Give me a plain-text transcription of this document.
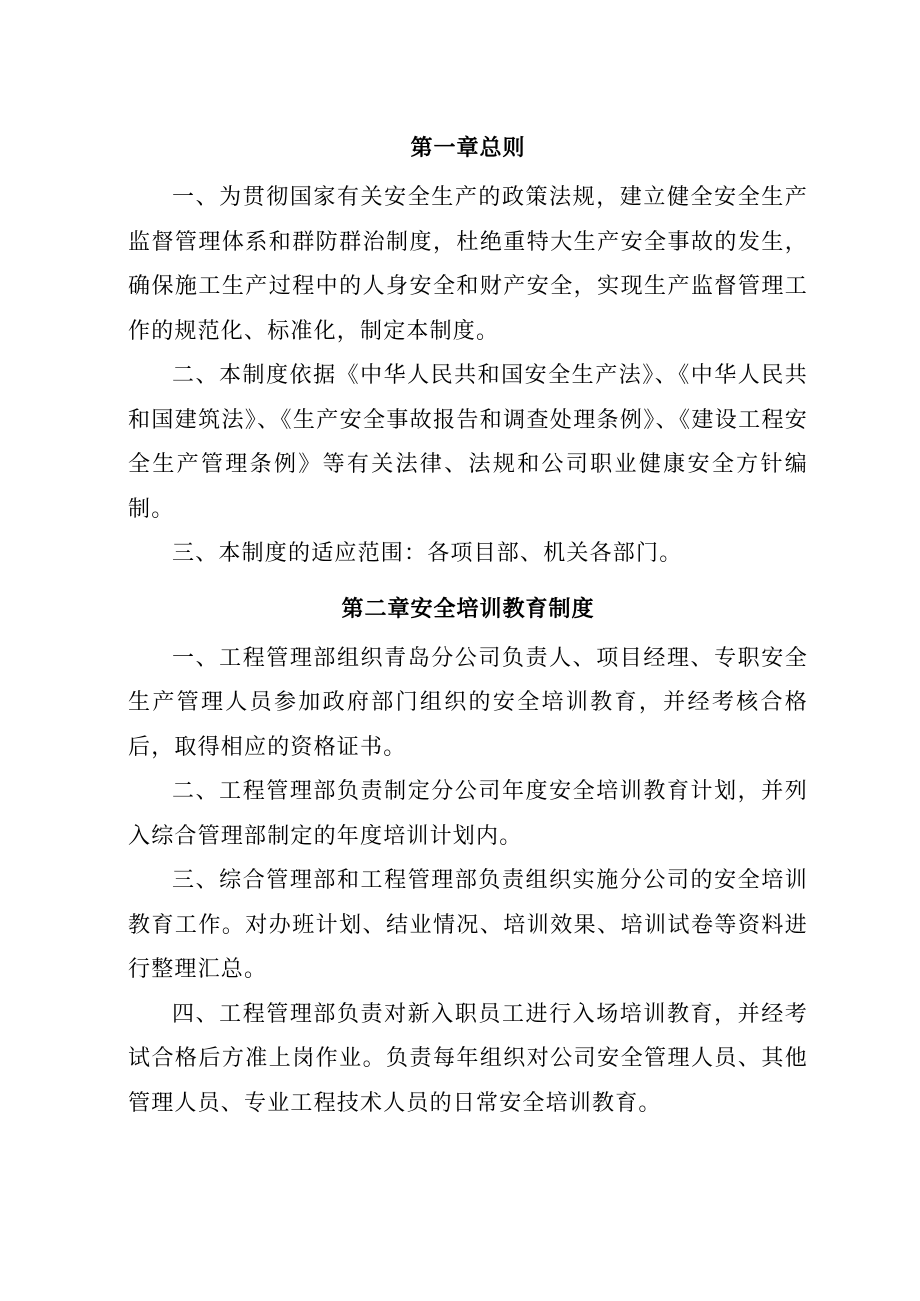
第一章总则

一、为贯彻国家有关安全生产的政策法规，建立健全安全生产监督管理体系和群防群治制度，杜绝重特大生产安全事故的发生，确保施工生产过程中的人身安全和财产安全，实现生产监督管理工作的规范化、标准化，制定本制度。

二、本制度依据《中华人民共和国安全生产法》、《中华人民共和国建筑法》、《生产安全事故报告和调查处理条例》、《建设工程安全生产管理条例》等有关法律、法规和公司职业健康安全方针编制。

三、本制度的适应范围：各项目部、机关各部门。

第二章安全培训教育制度

一、工程管理部组织青岛分公司负责人、项目经理、专职安全生产管理人员参加政府部门组织的安全培训教育，并经考核合格后，取得相应的资格证书。

二、工程管理部负责制定分公司年度安全培训教育计划，并列入综合管理部制定的年度培训计划内。

三、综合管理部和工程管理部负责组织实施分公司的安全培训教育工作。对办班计划、结业情况、培训效果、培训试卷等资料进行整理汇总。

四、工程管理部负责对新入职员工进行入场培训教育，并经考试合格后方准上岗作业。负责每年组织对公司安全管理人员、其他管理人员、专业工程技术人员的日常安全培训教育。
